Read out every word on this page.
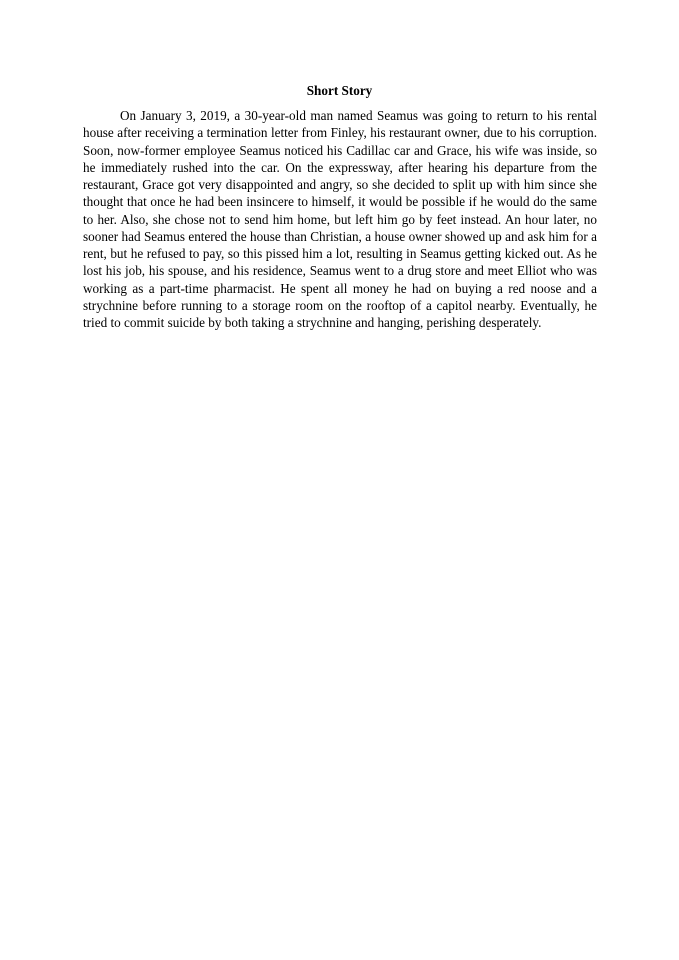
Short Story

On January 3, 2019, a 30-year-old man named Seamus was going to return to his rental house after receiving a termination letter from Finley, his restaurant owner, due to his corruption. Soon, now-former employee Seamus noticed his Cadillac car and Grace, his wife was inside, so he immediately rushed into the car. On the expressway, after hearing his departure from the restaurant, Grace got very disappointed and angry, so she decided to split up with him since she thought that once he had been insincere to himself, it would be possible if he would do the same to her. Also, she chose not to send him home, but left him go by feet instead. An hour later, no sooner had Seamus entered the house than Christian, a house owner showed up and ask him for a rent, but he refused to pay, so this pissed him a lot, resulting in Seamus getting kicked out. As he lost his job, his spouse, and his residence, Seamus went to a drug store and meet Elliot who was working as a part-time pharmacist. He spent all money he had on buying a red noose and a strychnine before running to a storage room on the rooftop of a capitol nearby. Eventually, he tried to commit suicide by both taking a strychnine and hanging, perishing desperately.
